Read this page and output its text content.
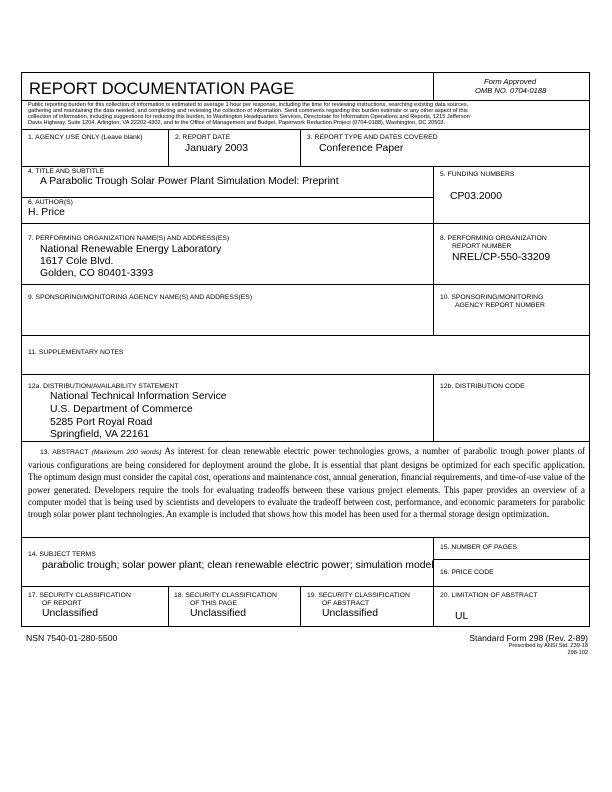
REPORT DOCUMENTATION PAGE	Form Approved
OMB NO. 0704-0188
Public reporting burden for this collection of information is estimated to average 1 hour per response, including the time for reviewing instructions, searching existing data sources,
gathering and maintaining the data needed, and completing and reviewing the collection of information. Send comments regarding this burden estimate or any other aspect of this
collection of information, including suggestions for reducing this burden, to Washington Headquarters Services, Directorate for Information Operations and Reports, 1215 Jefferson
Davis Highway, Suite 1204, Arlington, VA 22202-4302, and to the Office of Management and Budget, Paperwork Reduction Project (0704-0188), Washington, DC 20503.
1. AGENCY USE ONLY (Leave blank)	2. REPORT DATE
January 2003
3. REPORT TYPE AND DATES COVERED
Conference Paper
4. TITLE AND SUBTITLE
A Parabolic Trough Solar Power Plant Simulation Model: Preprint
6. AUTHOR(S)
H. Price
5. FUNDING NUMBERS
CP03.2000
7. PERFORMING ORGANIZATION NAME(S) AND ADDRESS(ES)
National Renewable Energy Laboratory
1617 Cole Blvd.
Golden, CO 80401-3393
8. PERFORMING ORGANIZATION
REPORT NUMBER
NREL/CP-550-33209
9. SPONSORING/MONITORING AGENCY NAME(S) AND ADDRESS(ES)	10. SPONSORING/MONITORING
AGENCY REPORT NUMBER
11. SUPPLEMENTARY NOTES
12a. DISTRIBUTION/AVAILABILITY STATEMENT
National Technical Information Service
U.S. Department of Commerce
5285 Port Royal Road
Springfield, VA 22161
12b. DISTRIBUTION CODE
13. ABSTRACT (Maximum 200 words) As interest for clean renewable electric power technologies grows, a number of parabolic trough power plants of various configurations are being considered for deployment around the globe. It is essential that plant designs be optimized for each specific application. The optimum design must consider the capital cost, operations and maintenance cost, annual generation, financial requirements, and time-of-use value of the power generated. Developers require the tools for evaluating tradeoffs between these various project elements. This paper provides an overview of a computer model that is being used by scientists and developers to evaluate the tradeoff between cost, performance, and economic parameters for parabolic trough solar power plant technologies. An example is included that shows how this model has been used for a thermal storage design optimization.
14. SUBJECT TERMS
parabolic trough; solar power plant; clean renewable electric power; simulation model
15. NUMBER OF PAGES
16. PRICE CODE
17. SECURITY CLASSIFICATION
OF REPORT
Unclassified
18. SECURITY CLASSIFICATION
OF THIS PAGE
Unclassified
19. SECURITY CLASSIFICATION
OF ABSTRACT
Unclassified
20. LIMITATION OF ABSTRACT
UL
NSN 7540-01-280-5500	Standard Form 298 (Rev. 2-89)
Prescribed by ANSI Std. Z39-18
298-102
